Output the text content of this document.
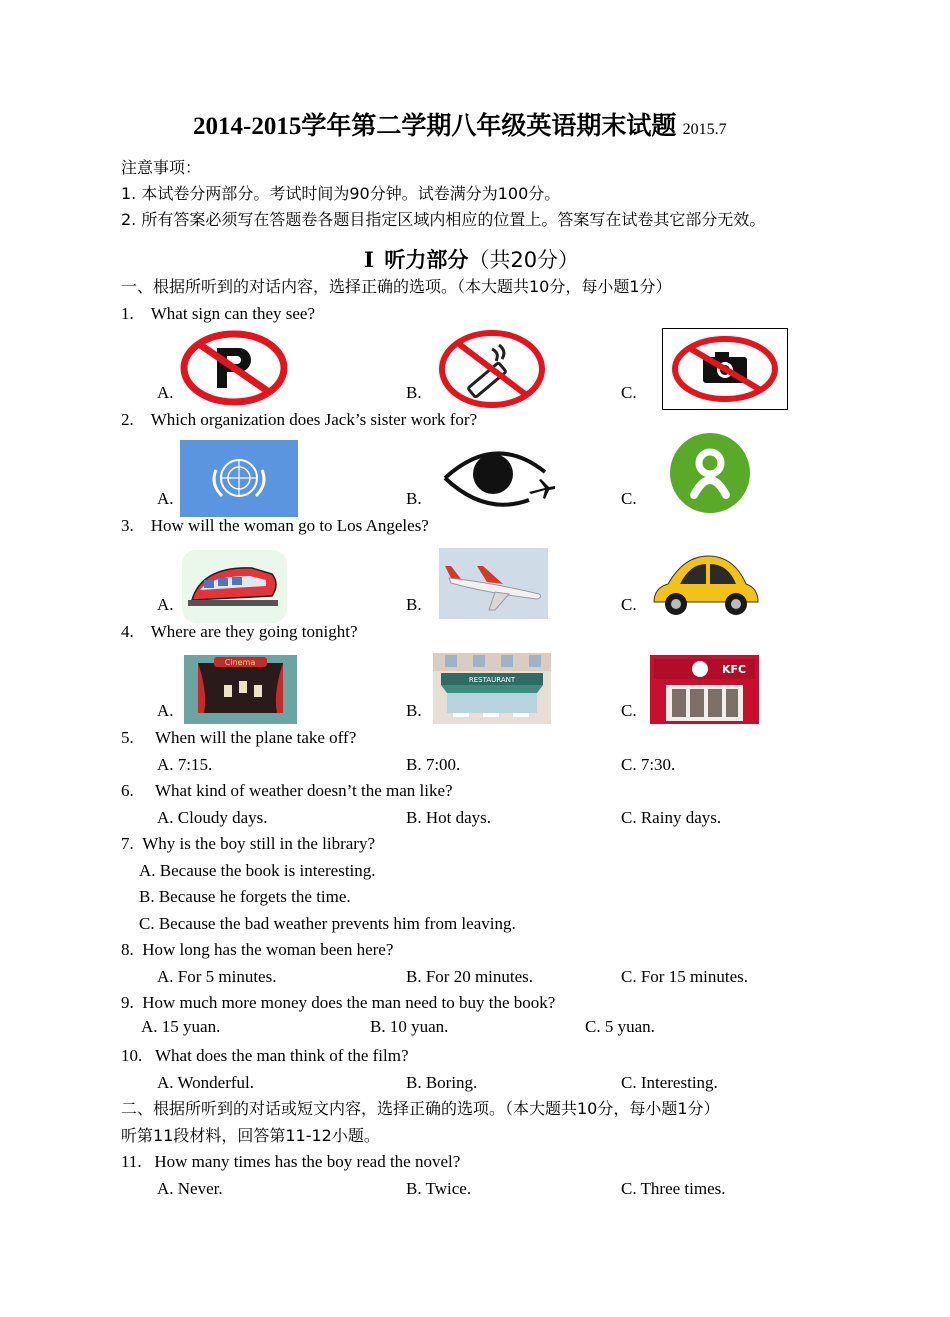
2014-2015学年第二学期八年级英语期末试题 2015.7
注意事项：
1. 本试卷分两部分。考试时间为90分钟。试卷满分为100分。
2. 所有答案必须写在答题卷各题目指定区域内相应的位置上。答案写在试卷其它部分无效。
Ⅰ 听力部分（共20分）
一、根据所听到的对话内容，选择正确的选项。（本大题共10分，每小题1分）
1. What sign can they see?
A.	B.	C.
2. Which organization does Jack’s sister work for?
A.	B.	C.
3. How will the woman go to Los Angeles?
A.	B.	C.
4. Where are they going tonight?
A.	B.	C.
Cinema
RESTAURANT
KFC
5. When will the plane take off?
A. 7:15.	B. 7:00.	C. 7:30.
6. What kind of weather doesn’t the man like?
A. Cloudy days.	B. Hot days.	C. Rainy days.
7. Why is the boy still in the library?
A. Because the book is interesting.
B. Because he forgets the time.
C. Because the bad weather prevents him from leaving.
8. How long has the woman been here?
A. For 5 minutes.	B. For 20 minutes.	C. For 15 minutes.
9. How much more money does the man need to buy the book?
A. 15 yuan.	B. 10 yuan.	C. 5 yuan.
10. What does the man think of the film?
A. Wonderful.	B. Boring.	C. Interesting.
二、根据所听到的对话或短文内容，选择正确的选项。（本大题共10分，每小题1分）
听第11段材料，回答第11-12小题。
11. How many times has the boy read the novel?
A. Never.	B. Twice.	C. Three times.
